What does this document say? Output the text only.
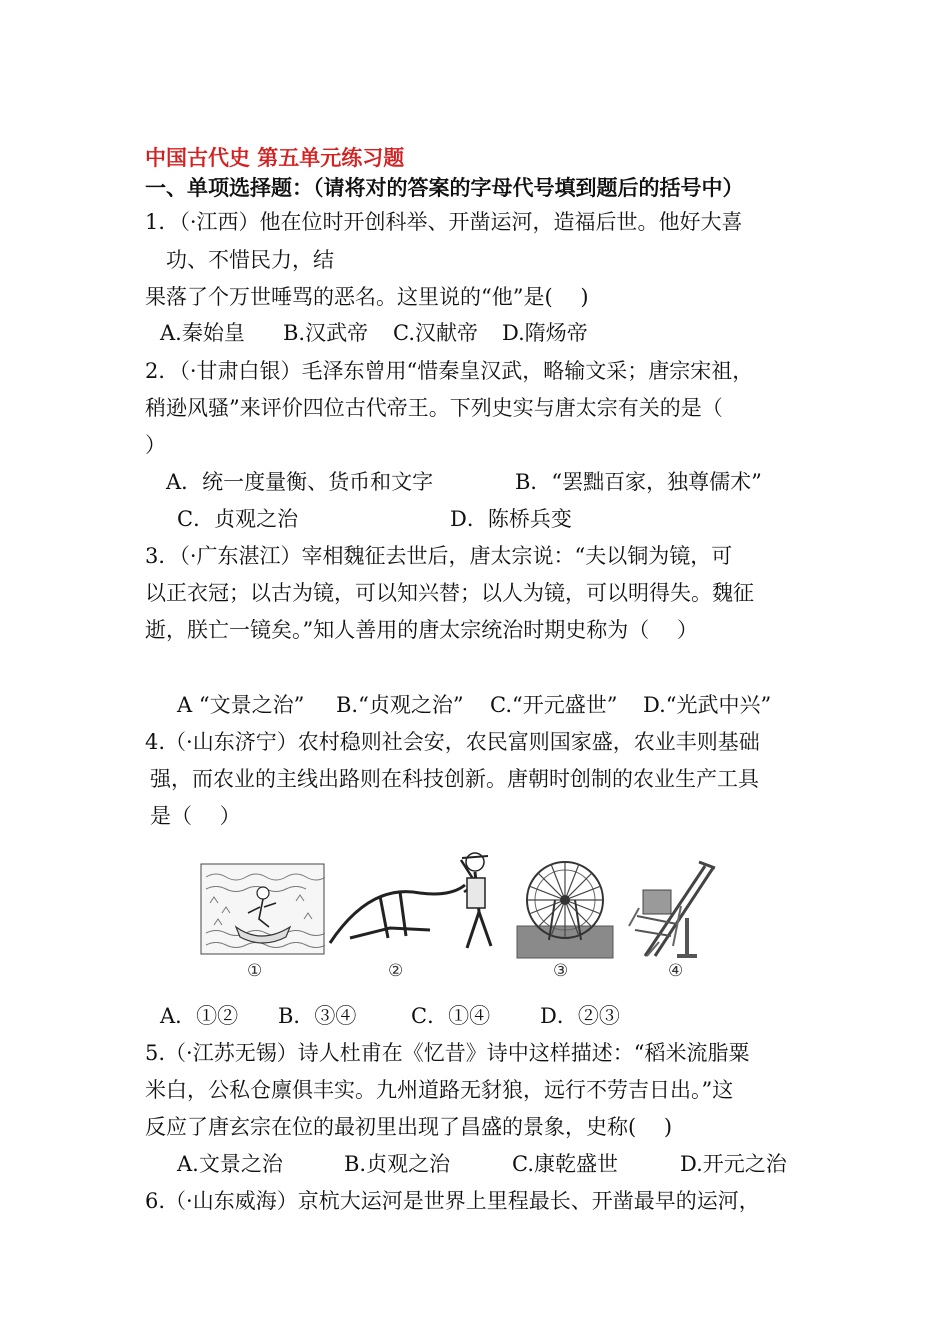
中国古代史 第五单元练习题
一、单项选择题：（请将对的答案的字母代号填到题后的括号中）
1．（·江西）他在位时开创科举、开凿运河，造福后世。他好大喜
　功、不惜民力，结
果落了个万世唾骂的恶名。这里说的“他”是(　 )
A.秦始皇 B.汉武帝 C.汉献帝 D.隋炀帝
2．（·甘肃白银）毛泽东曾用“惜秦皇汉武，略输文采；唐宗宋祖，
稍逊风骚”来评价四位古代帝王。下列史实与唐太宗有关的是（
）
A．统一度量衡、货币和文字	B．“罢黜百家，独尊儒术”
C．贞观之治	D．陈桥兵变
3．（·广东湛江）宰相魏征去世后，唐太宗说：“夫以铜为镜，可
以正衣冠；以古为镜，可以知兴替；以人为镜，可以明得失。魏征
逝，朕亡一镜矣。”知人善用的唐太宗统治时期史称为（　 ）
A “文景之治” B.“贞观之治” C.“开元盛世” D.“光武中兴”
4.（·山东济宁）农村稳则社会安，农民富则国家盛，农业丰则基础
强，而农业的主线出路则在科技创新。唐朝时创制的农业生产工具
是（　 ）
①	②	③	④
A．①② B．③④	C．①④ D．②③
5.（·江苏无锡）诗人杜甫在《忆昔》诗中这样描述：“稻米流脂粟
米白，公私仓廪俱丰实。九州道路无豺狼，远行不劳吉日出。”这
反应了唐玄宗在位的最初里出现了昌盛的景象，史称(　 )
A.文景之治	B.贞观之治	C.康乾盛世	D.开元之治
6.（·山东威海）京杭大运河是世界上里程最长、开凿最早的运河，
